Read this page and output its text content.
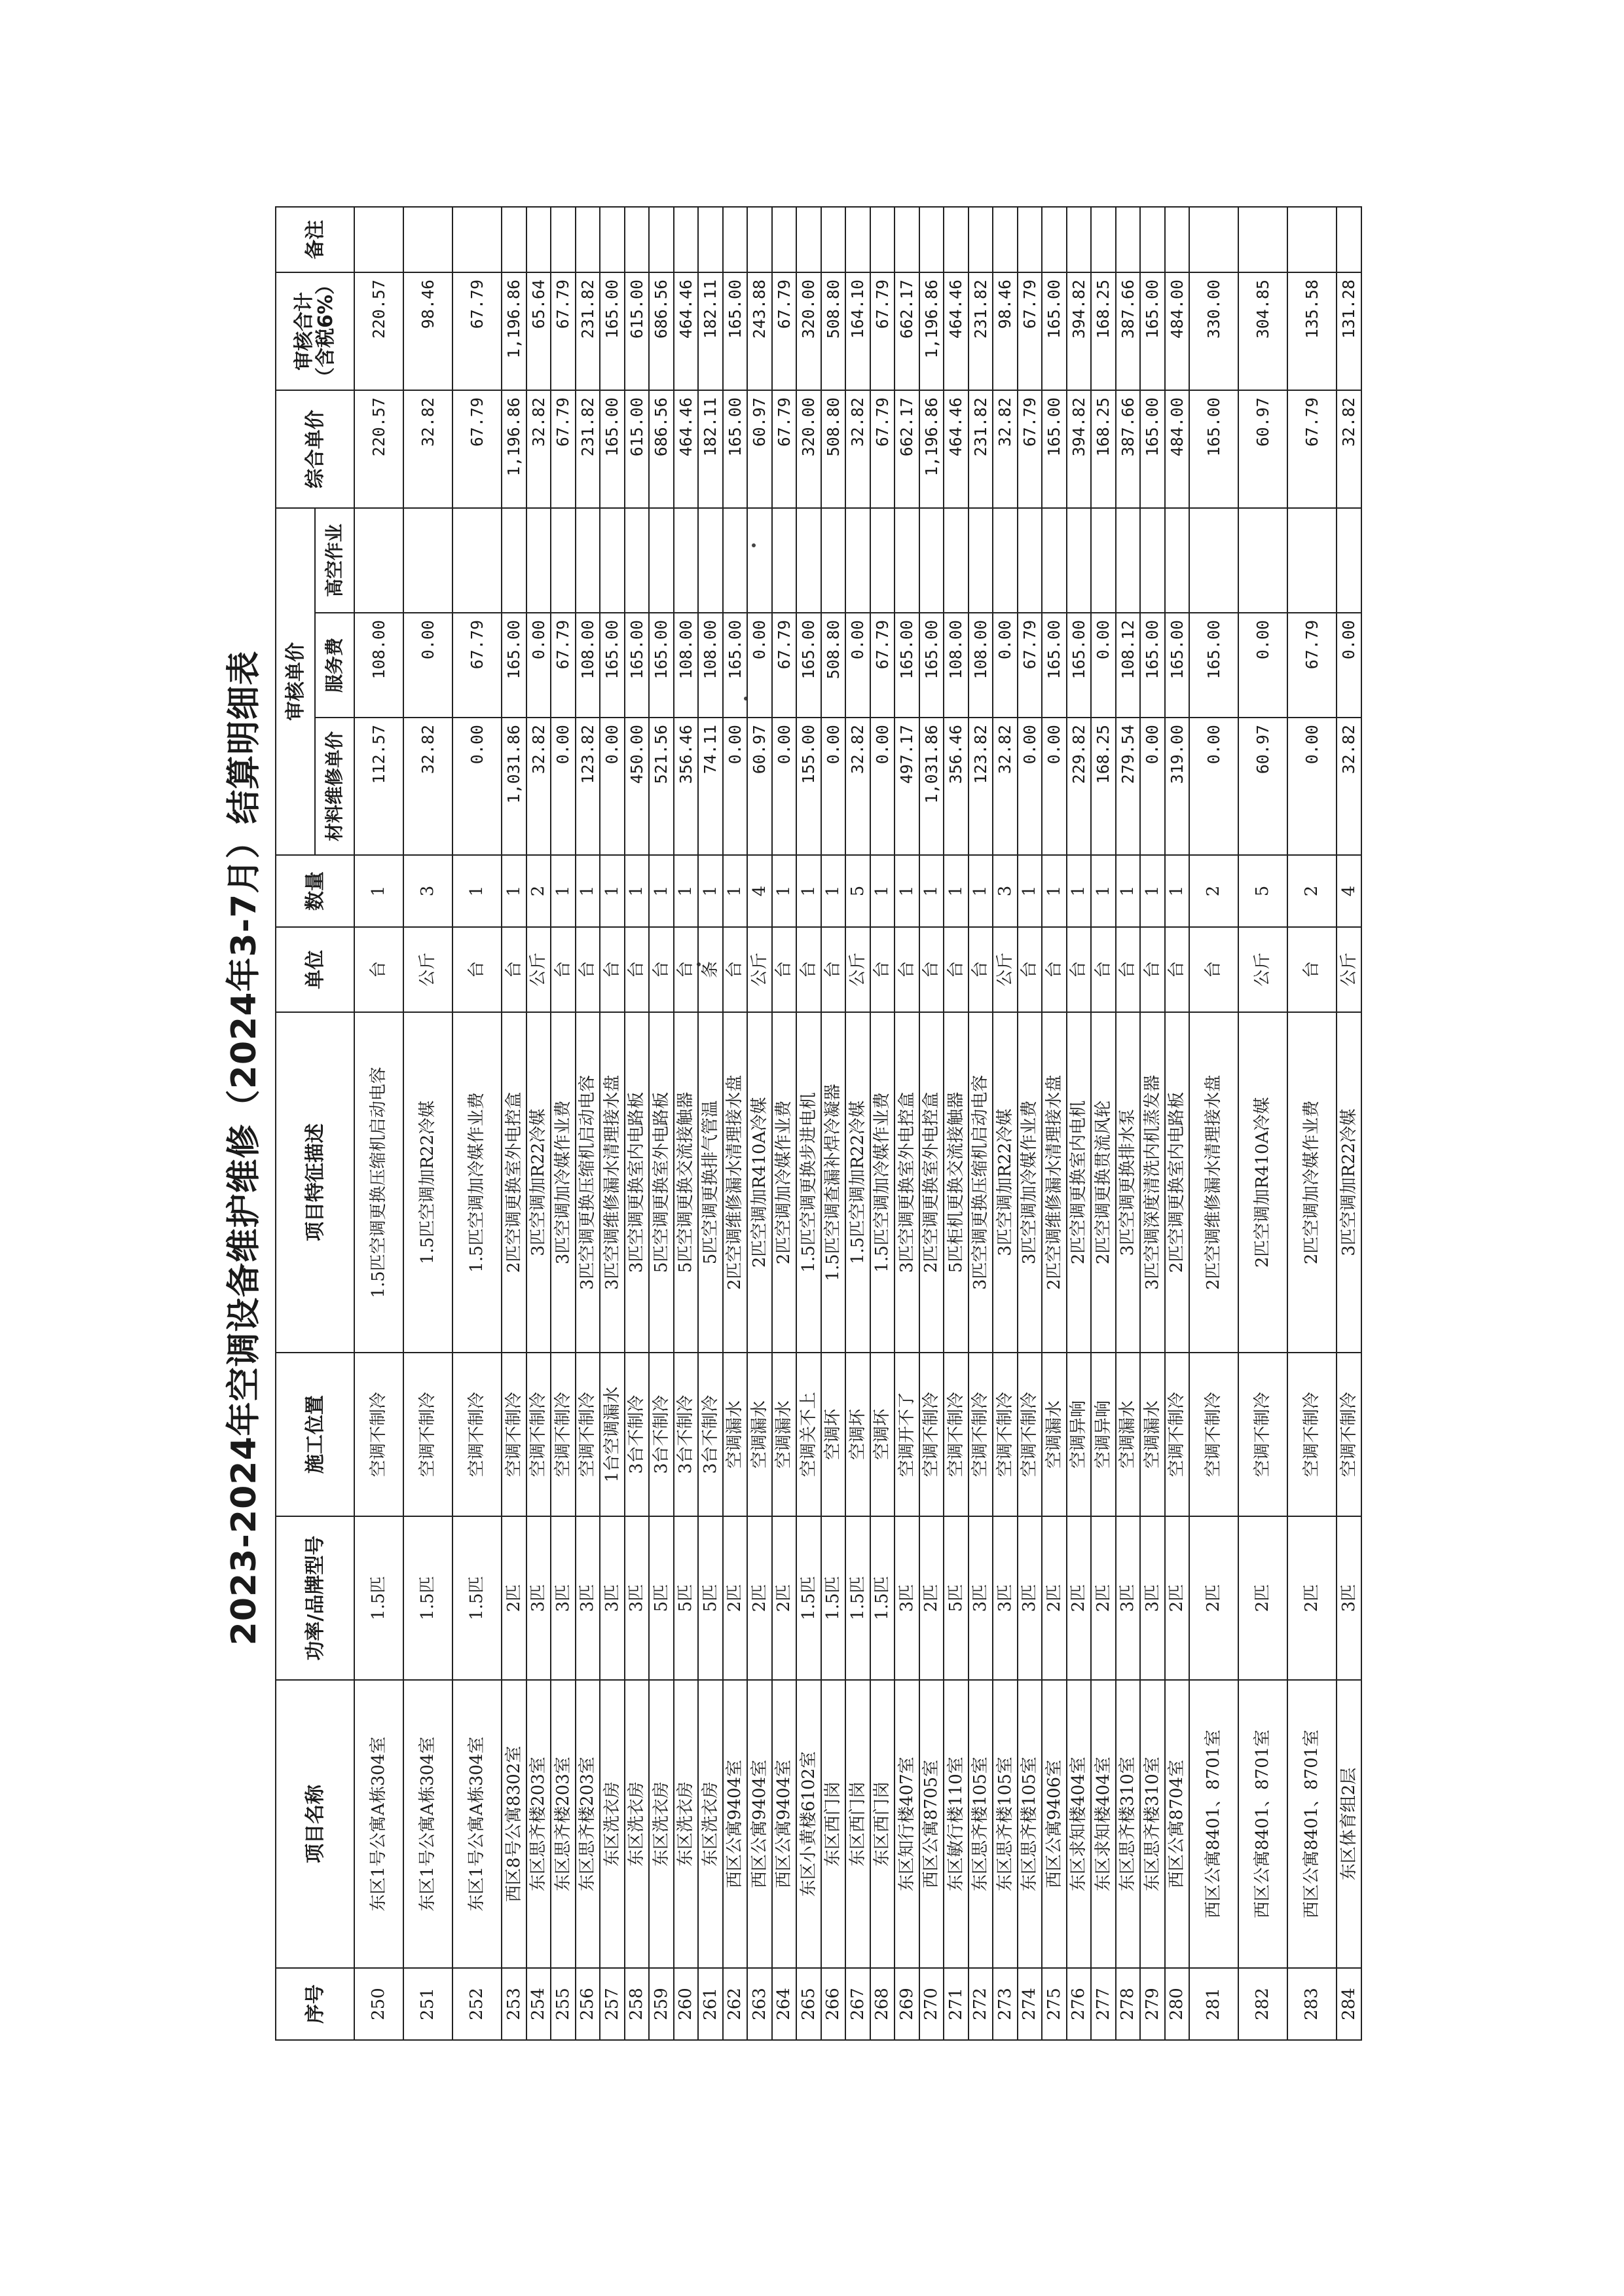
2023-2024年空调设备维护维修（2024年3-7月）结算明细表
序号	项目名称	功率/品牌型号	施工位置	项目特征描述	单位	数量	审核单价			综合单价	审核合计（含税6%）	备注
							材料维修单价	服务费	高空作业			
250	东区1号公寓A栋304室	1.5匹	空调不制冷	1.5匹空调更换压缩机启动电容	台	1	112.57	108.00		220.57	220.57	
251	东区1号公寓A栋304室	1.5匹	空调不制冷	1.5匹空调加R22冷媒	公斤	3	32.82	0.00		32.82	98.46	
252	东区1号公寓A栋304室	1.5匹	空调不制冷	1.5匹空调加冷媒作业费	台	1	0.00	67.79		67.79	67.79	
253	西区8号公寓8302室	2匹	空调不制冷	2匹空调更换室外电控盒	台	1	1,031.86	165.00		1,196.86	1,196.86	
254	东区思齐楼203室	3匹	空调不制冷	3匹空调加R22冷媒	公斤	2	32.82	0.00		32.82	65.64	
255	东区思齐楼203室	3匹	空调不制冷	3匹空调加冷媒作业费	台	1	0.00	67.79		67.79	67.79	
256	东区思齐楼203室	3匹	空调不制冷	3匹空调更换压缩机启动电容	台	1	123.82	108.00		231.82	231.82	
257	东区洗衣房	3匹	1台空调漏水	3匹空调维修漏水清理接水盘	台	1	0.00	165.00		165.00	165.00	
258	东区洗衣房	3匹	3台不制冷	3匹空调更换室内电路板	台	1	450.00	165.00		615.00	615.00	
259	东区洗衣房	5匹	3台不制冷	5匹空调更换室外电路板	台	1	521.56	165.00		686.56	686.56	
260	东区洗衣房	5匹	3台不制冷	5匹空调更换交流接触器	台	1	356.46	108.00		464.46	464.46	
261	东区洗衣房	5匹	3台不制冷	5匹空调更换排气管温	条	1	74.11	108.00		182.11	182.11	
262	西区公寓9404室	2匹	空调漏水	2匹空调维修漏水清理接水盘	台	1	0.00	165.00		165.00	165.00	
263	西区公寓9404室	2匹	空调漏水	2匹空调加R410A冷媒	公斤	4	60.97	0.00		60.97	243.88	
264	西区公寓9404室	2匹	空调漏水	2匹空调加冷媒作业费	台	1	0.00	67.79		67.79	67.79	
265	东区小黄楼6102室	1.5匹	空调关不上	1.5匹空调更换步进电机	台	1	155.00	165.00		320.00	320.00	
266	东区西门岗	1.5匹	空调坏	1.5匹空调查漏补焊冷凝器	台	1	0.00	508.80		508.80	508.80	
267	东区西门岗	1.5匹	空调坏	1.5匹空调加R22冷媒	公斤	5	32.82	0.00		32.82	164.10	
268	东区西门岗	1.5匹	空调坏	1.5匹空调加冷媒作业费	台	1	0.00	67.79		67.79	67.79	
269	东区知行楼407室	3匹	空调开不了	3匹空调更换室外电控盒	台	1	497.17	165.00		662.17	662.17	
270	西区公寓8705室	2匹	空调不制冷	2匹空调更换室外电控盒	台	1	1,031.86	165.00		1,196.86	1,196.86	
271	东区敏行楼110室	5匹	空调不制冷	5匹柜机更换交流接触器	台	1	356.46	108.00		464.46	464.46	
272	东区思齐楼105室	3匹	空调不制冷	3匹空调更换压缩机启动电容	台	1	123.82	108.00		231.82	231.82	
273	东区思齐楼105室	3匹	空调不制冷	3匹空调加R22冷媒	公斤	3	32.82	0.00		32.82	98.46	
274	东区思齐楼105室	3匹	空调不制冷	3匹空调加冷媒作业费	台	1	0.00	67.79		67.79	67.79	
275	西区公寓9406室	2匹	空调漏水	2匹空调维修漏水清理接水盘	台	1	0.00	165.00		165.00	165.00	
276	东区求知楼404室	2匹	空调异响	2匹空调更换室内电机	台	1	229.82	165.00		394.82	394.82	
277	东区求知楼404室	2匹	空调异响	2匹空调更换贯流风轮	台	1	168.25	0.00		168.25	168.25	
278	东区思齐楼310室	3匹	空调漏水	3匹空调更换排水泵	台	1	279.54	108.12		387.66	387.66	
279	东区思齐楼310室	3匹	空调漏水	3匹空调深度清洗内机蒸发器	台	1	0.00	165.00		165.00	165.00	
280	西区公寓8704室	2匹	空调不制冷	2匹空调更换室内电路板	台	1	319.00	165.00		484.00	484.00	
281	西区公寓8401、8701室	2匹	空调不制冷	2匹空调维修漏水清理接水盘	台	2	0.00	165.00		165.00	330.00	
282	西区公寓8401、8701室	2匹	空调不制冷	2匹空调加R410A冷媒	公斤	5	60.97	0.00		60.97	304.85	
283	西区公寓8401、8701室	2匹	空调不制冷	2匹空调加冷媒作业费	台	2	0.00	67.79		67.79	135.58	
284	东区体育组2层	3匹	空调不制冷	3匹空调加R22冷媒	公斤	4	32.82	0.00		32.82	131.28	
